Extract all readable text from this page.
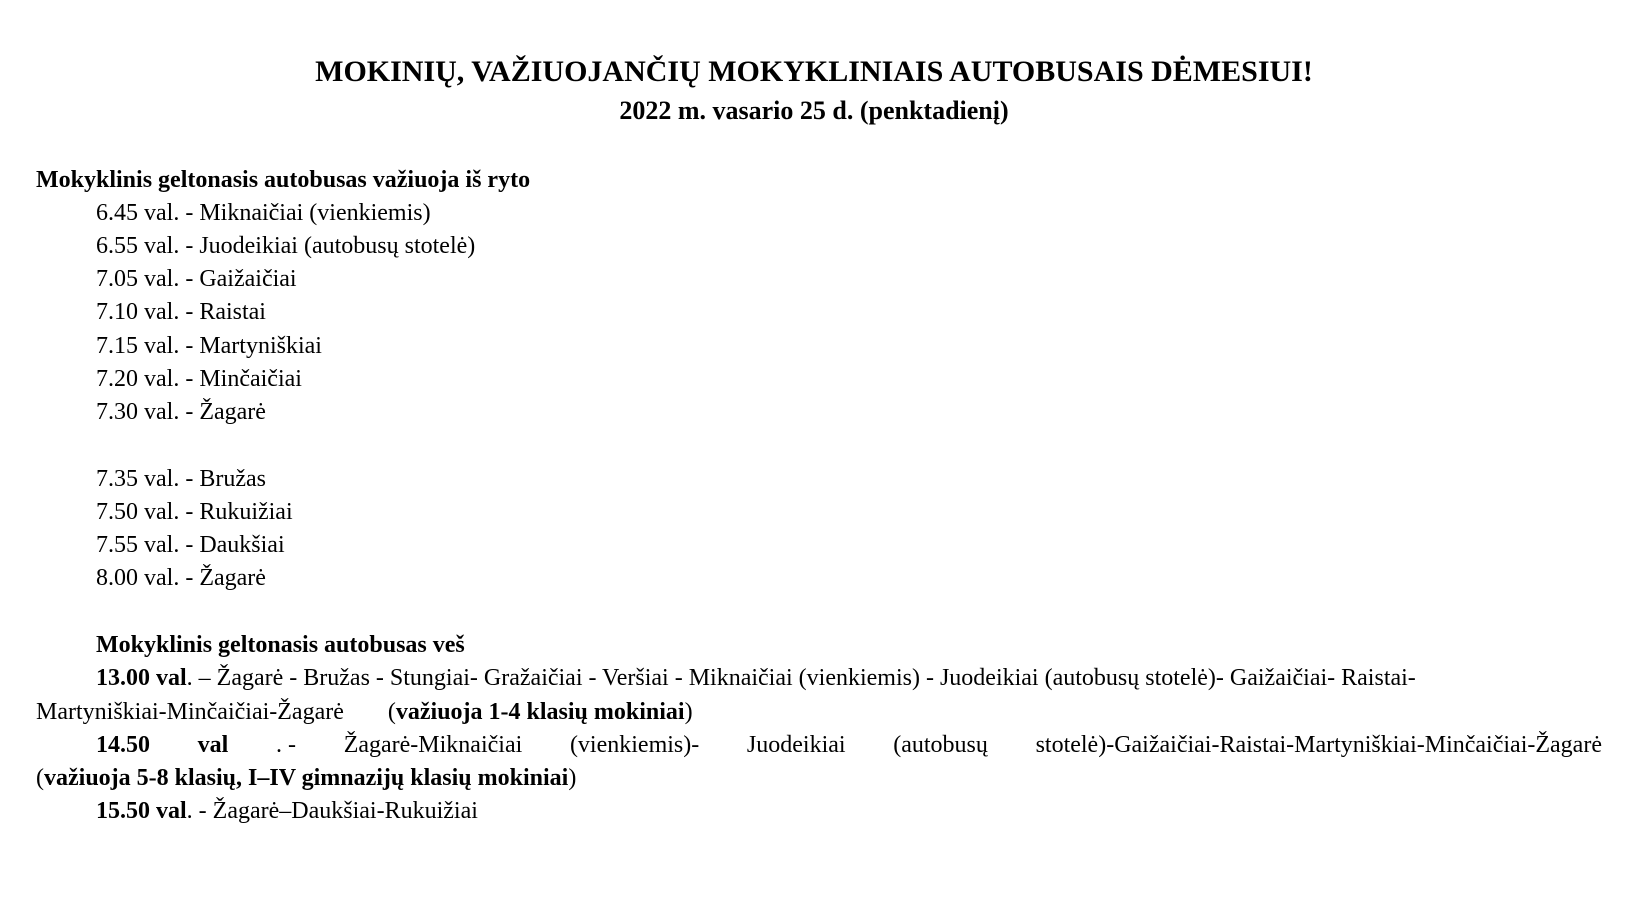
MOKINIŲ, VAŽIUOJANČIŲ MOKYKLINIAIS AUTOBUSAIS DĖMESIUI!
2022 m. vasario 25 d. (penktadienį)
Mokyklinis geltonasis autobusas važiuoja iš ryto
6.45 val. - Miknaičiai (vienkiemis)
6.55 val. - Juodeikiai (autobusų stotelė)
7.05 val. - Gaižaičiai
7.10 val. - Raistai
7.15 val. - Martyniškiai
7.20 val. - Minčaičiai
7.30 val. - Žagarė
7.35 val. - Bružas
7.50 val. - Rukuižiai
7.55 val. - Daukšiai
8.00 val. - Žagarė
Mokyklinis geltonasis autobusas veš
13.00 val. – Žagarė - Bružas - Stungiai- Gražaičiai - Veršiai - Miknaičiai (vienkiemis) - Juodeikiai (autobusų stotelė)- Gaižaičiai- Raistai-
Martyniškiai-Minčaičiai-Žagarė (važiuoja 1-4 klasių mokiniai)
14.50 val . - Žagarė-Miknaičiai (vienkiemis)- Juodeikiai (autobusų stotelė)-Gaižaičiai-Raistai-Martyniškiai-Minčaičiai-Žagarė
(važiuoja 5-8 klasių, I–IV gimnazijų klasių mokiniai)
15.50 val. - Žagarė–Daukšiai-Rukuižiai
